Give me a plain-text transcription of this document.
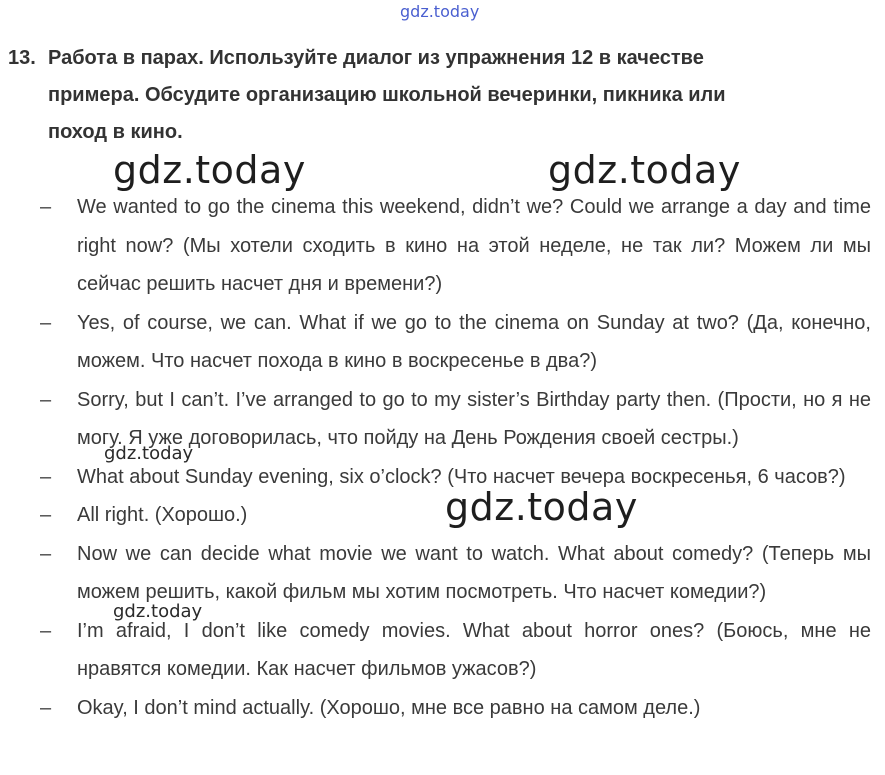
gdz.today
13. Работа в парах. Используйте диалог из упражнения 12 в качестве
примера. Обсудите организацию школьной вечеринки, пикника или
поход в кино.
– We wanted to go the cinema this weekend, didn’t we? Could we arrange a day and time right now? (Мы хотели сходить в кино на этой неделе, не так ли? Можем ли мы сейчас решить насчет дня и времени?)
– Yes, of course, we can. What if we go to the cinema on Sunday at two? (Да, конечно, можем. Что насчет похода в кино в воскресенье в два?)
– Sorry, but I can’t. I’ve arranged to go to my sister’s Birthday party then. (Прости, но я не могу. Я уже договорилась, что пойду на День Рождения своей сестры.)
– What about Sunday evening, six o’clock? (Что насчет вечера воскресенья, 6 часов?)
– All right. (Хорошо.)
– Now we can decide what movie we want to watch. What about comedy? (Теперь мы можем решить, какой фильм мы хотим посмотреть. Что насчет комедии?)
– I’m afraid, I don’t like comedy movies. What about horror ones? (Боюсь, мне не нравятся комедии. Как насчет фильмов ужасов?)
– Okay, I don’t mind actually. (Хорошо, мне все равно на самом деле.)
gdz.today	gdz.today
gdz.today
gdz.today
gdz.today
